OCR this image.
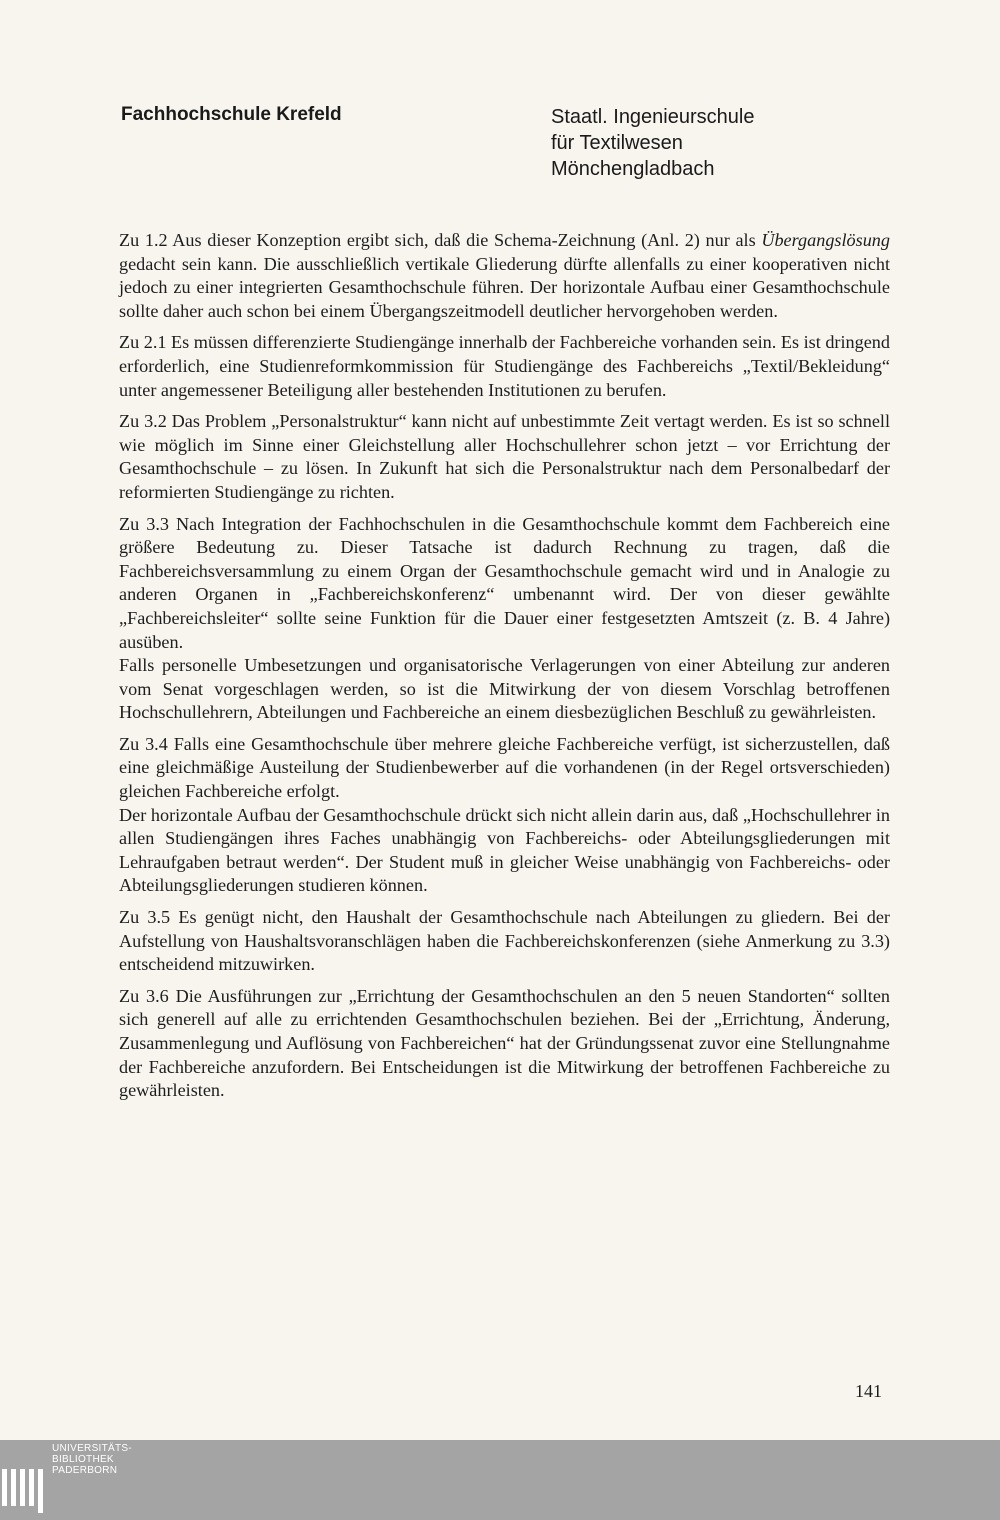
Fachhochschule Krefeld	Staatl. Ingenieurschule
für Textilwesen
Mönchengladbach

Zu 1.2 Aus dieser Konzeption ergibt sich, daß die Schema-Zeichnung (Anl. 2) nur als Übergangslösung gedacht sein kann. Die ausschließlich vertikale Gliederung dürfte allenfalls zu einer kooperativen nicht jedoch zu einer integrierten Gesamthochschule führen. Der horizontale Aufbau einer Gesamthochschule sollte daher auch schon bei einem Übergangszeitmodell deutlicher hervorgehoben werden.

Zu 2.1 Es müssen differenzierte Studiengänge innerhalb der Fachbereiche vorhanden sein. Es ist dringend erforderlich, eine Studienreformkommission für Studiengänge des Fachbereichs „Textil/Bekleidung“ unter angemessener Beteiligung aller bestehenden Institutionen zu berufen.

Zu 3.2 Das Problem „Personalstruktur“ kann nicht auf unbestimmte Zeit vertagt werden. Es ist so schnell wie möglich im Sinne einer Gleichstellung aller Hochschullehrer schon jetzt – vor Errichtung der Gesamthochschule – zu lösen. In Zukunft hat sich die Personalstruktur nach dem Personalbedarf der reformierten Studiengänge zu richten.

Zu 3.3 Nach Integration der Fachhochschulen in die Gesamthochschule kommt dem Fachbereich eine größere Bedeutung zu. Dieser Tatsache ist dadurch Rechnung zu tragen, daß die Fachbereichsversammlung zu einem Organ der Gesamthochschule gemacht wird und in Analogie zu anderen Organen in „Fachbereichskonferenz“ umbenannt wird. Der von dieser gewählte „Fachbereichsleiter“ sollte seine Funktion für die Dauer einer festgesetzten Amtszeit (z. B. 4 Jahre) ausüben.
Falls personelle Umbesetzungen und organisatorische Verlagerungen von einer Abteilung zur anderen vom Senat vorgeschlagen werden, so ist die Mitwirkung der von diesem Vorschlag betroffenen Hochschullehrern, Abteilungen und Fachbereiche an einem diesbezüglichen Beschluß zu gewährleisten.

Zu 3.4 Falls eine Gesamthochschule über mehrere gleiche Fachbereiche verfügt, ist sicherzustellen, daß eine gleichmäßige Austeilung der Studienbewerber auf die vorhandenen (in der Regel ortsverschieden) gleichen Fachbereiche erfolgt.
Der horizontale Aufbau der Gesamthochschule drückt sich nicht allein darin aus, daß „Hochschullehrer in allen Studiengängen ihres Faches unabhängig von Fachbereichs- oder Abteilungsgliederungen mit Lehraufgaben betraut werden“. Der Student muß in gleicher Weise unabhängig von Fachbereichs- oder Abteilungsgliederungen studieren können.

Zu 3.5 Es genügt nicht, den Haushalt der Gesamthochschule nach Abteilungen zu gliedern. Bei der Aufstellung von Haushaltsvoranschlägen haben die Fachbereichskonferenzen (siehe Anmerkung zu 3.3) entscheidend mitzuwirken.

Zu 3.6 Die Ausführungen zur „Errichtung der Gesamthochschulen an den 5 neuen Standorten“ sollten sich generell auf alle zu errichtenden Gesamthochschulen beziehen. Bei der „Errichtung, Änderung, Zusammenlegung und Auflösung von Fachbereichen“ hat der Gründungssenat zuvor eine Stellungnahme der Fachbereiche anzufordern. Bei Entscheidungen ist die Mitwirkung der betroffenen Fachbereiche zu gewährleisten.

141
UNIVERSITÄTS-
BIBLIOTHEK
PADERBORN
